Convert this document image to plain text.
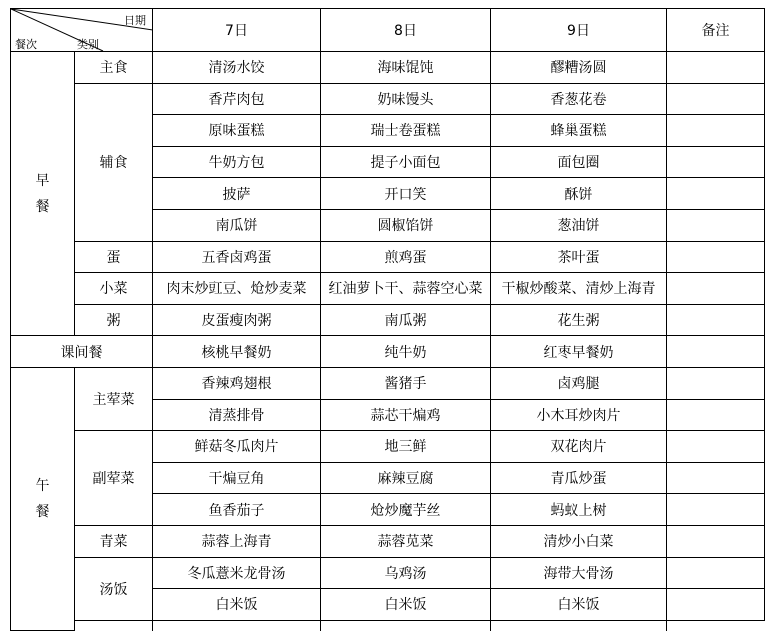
日期
类别
餐次		7日	8日	9日	备注

早
餐	主食	清汤水饺	海味馄饨	醪糟汤圆	
	辅食	香芹肉包	奶味馒头	香葱花卷	
		原味蛋糕	瑞士卷蛋糕	蜂巢蛋糕	
		牛奶方包	提子小面包	面包圈	
		披萨	开口笑	酥饼	
		南瓜饼	圆椒馅饼	葱油饼	
	蛋	五香卤鸡蛋	煎鸡蛋	茶叶蛋	
	小菜	肉末炒豇豆、炝炒麦菜	红油萝卜干、蒜蓉空心菜	干椒炒酸菜、清炒上海青	
	粥	皮蛋瘦肉粥	南瓜粥	花生粥	
课间餐		核桃早餐奶	纯牛奶	红枣早餐奶	

午
餐	主荤菜	香辣鸡翅根	酱猪手	卤鸡腿	
		清蒸排骨	蒜芯干煸鸡	小木耳炒肉片	
	副荤菜	鲜菇冬瓜肉片	地三鲜	双花肉片	
		干煸豆角	麻辣豆腐	青瓜炒蛋	
		鱼香茄子	炝炒魔芋丝	蚂蚁上树	
	青菜	蒜蓉上海青	蒜蓉苋菜	清炒小白菜	
	汤饭	冬瓜薏米龙骨汤	乌鸡汤	海带大骨汤	
		白米饭	白米饭	白米饭	
